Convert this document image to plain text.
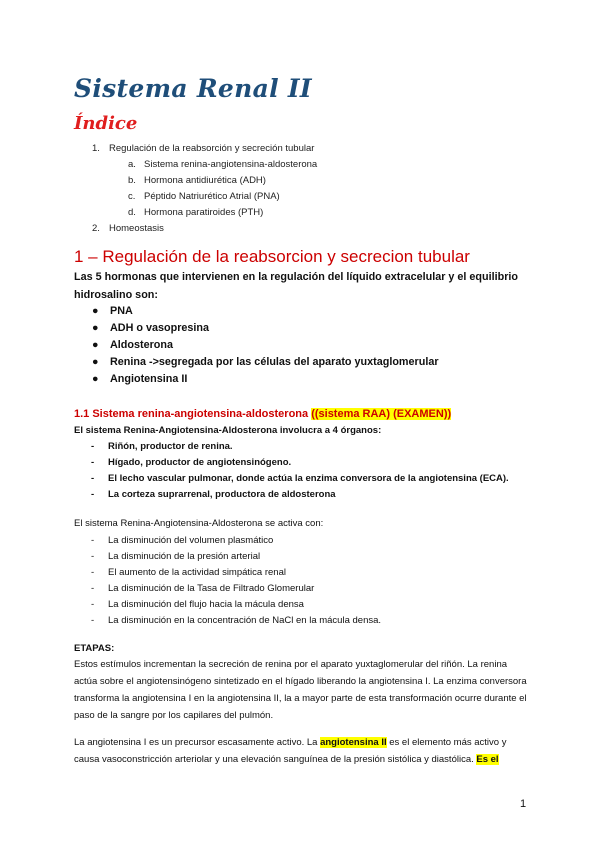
Sistema Renal II
Índice
1. Regulación de la reabsorción y secreción tubular
a. Sistema renina-angiotensina-aldosterona
b. Hormona antidiurética (ADH)
c. Péptido Natriurético Atrial (PNA)
d. Hormona paratiroides (PTH)
2. Homeostasis
1 – Regulación de la reabsorcion y secrecion tubular
Las 5 hormonas que intervienen en la regulación del líquido extracelular y el equilibrio hidrosalino son:
● PNA
● ADH o vasopresina
● Aldosterona
● Renina ->segregada por las células del aparato yuxtaglomerular
● Angiotensina II
1.1 Sistema renina-angiotensina-aldosterona ((sistema RAA) (EXAMEN))
El sistema Renina-Angiotensina-Aldosterona involucra a 4 órganos:
- Riñón, productor de renina.
- Hígado, productor de angiotensinógeno.
- El lecho vascular pulmonar, donde actúa la enzima conversora de la angiotensina (ECA).
- La corteza suprarrenal, productora de aldosterona
El sistema Renina-Angiotensina-Aldosterona se activa con:
- La disminución del volumen plasmático
- La disminución de la presión arterial
- El aumento de la actividad simpática renal
- La disminución de la Tasa de Filtrado Glomerular
- La disminución del flujo hacia la mácula densa
- La disminución en la concentración de NaCl en la mácula densa.
ETAPAS:
Estos estímulos incrementan la secreción de renina por el aparato yuxtaglomerular del riñón. La renina actúa sobre el angiotensinógeno sintetizado en el hígado liberando la angiotensina I. La enzima conversora transforma la angiotensina I en la angiotensina II, la a mayor parte de esta transformación ocurre durante el paso de la sangre por los capilares del pulmón.
La angiotensina I es un precursor escasamente activo. La angiotensina II es el elemento más activo y causa vasoconstricción arteriolar y una elevación sanguínea de la presión sistólica y diastólica. Es el
1
